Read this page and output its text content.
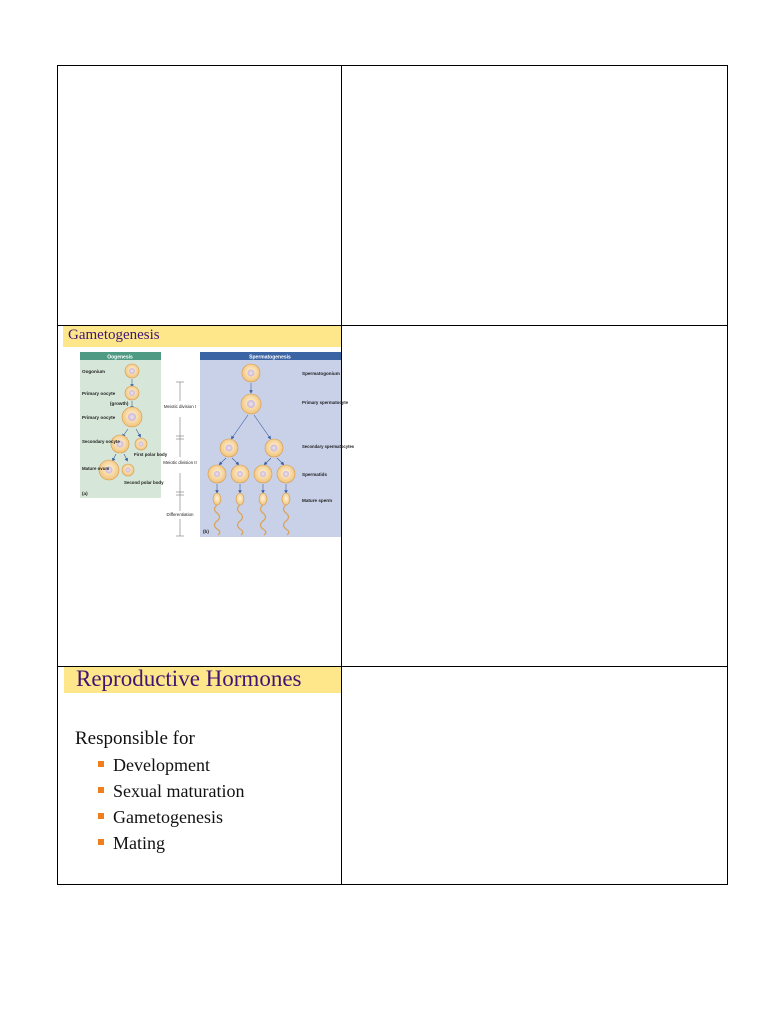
Gametogenesis
Oogenesis
Oogonium
Primary oocyte
(growth)
Primary oocyte
Secondary oocyte
First polar body
Mature ovum
Second polar body
(a)
Meiotic division I
Meiotic division II
Differentiation
Spermatogenesis
Spermatogonium
Primary spermatocyte
Secondary spermatocytes
Spermatids
Mature sperm
(b)
Reproductive Hormones
Responsible for
Development
Sexual maturation
Gametogenesis
Mating
